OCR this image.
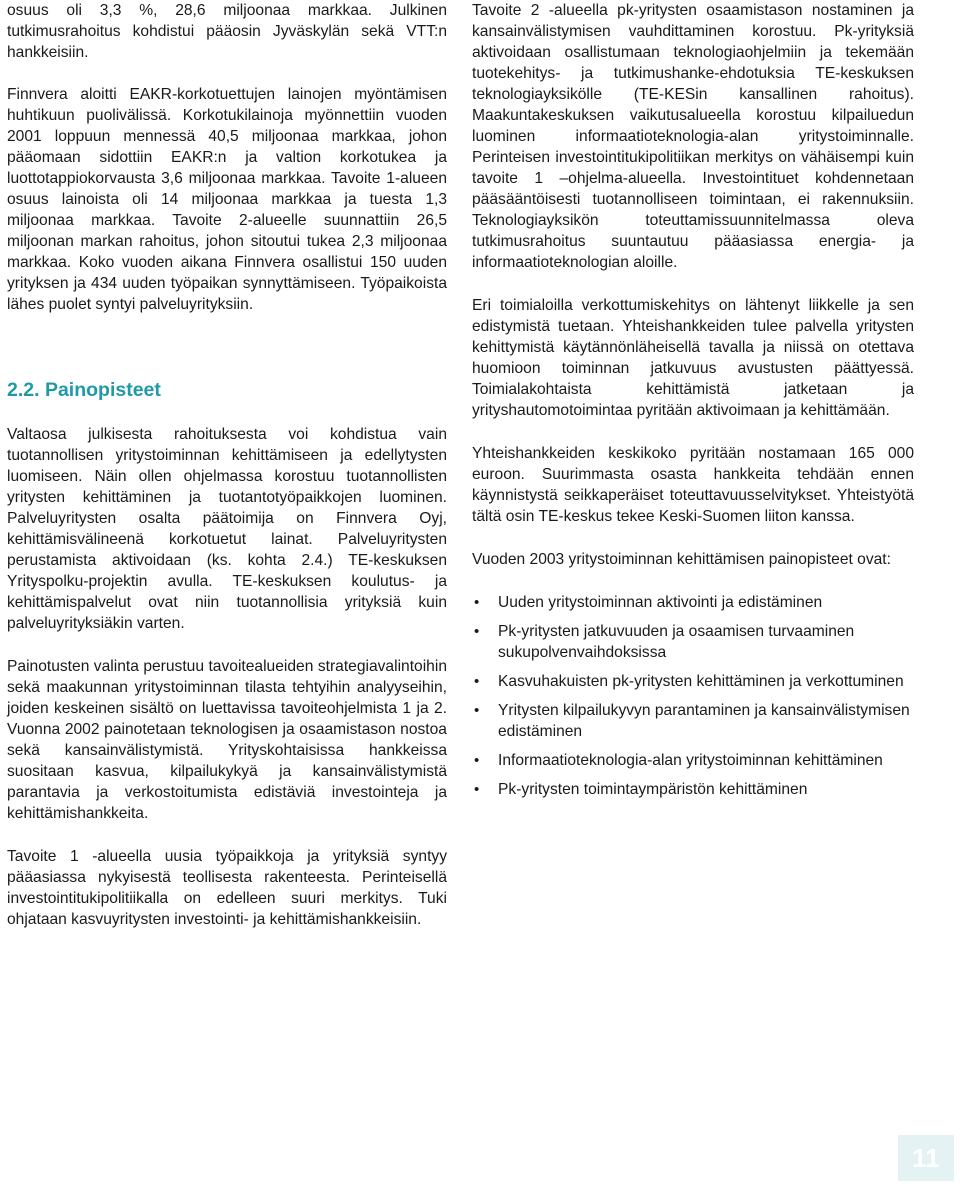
osuus oli 3,3 %, 28,6 miljoonaa markkaa. Julkinen tutkimusrahoitus kohdistui pääosin Jyväskylän sekä VTT:n hankkeisiin.

Finnvera aloitti EAKR-korkotuettujen lainojen myöntämisen huhtikuun puolivälissä. Korkotukilainoja myönnettiin vuoden 2001 loppuun mennessä 40,5 miljoonaa markkaa, johon pääomaan sidottiin EAKR:n ja valtion korkotukea ja luottotappiokorvausta 3,6 miljoonaa markkaa. Tavoite 1-alueen osuus lainoista oli 14 miljoonaa markkaa ja tuesta 1,3 miljoonaa markkaa. Tavoite 2-alueelle suunnattiin 26,5 miljoonan markan rahoitus, johon sitoutui tukea 2,3 miljoonaa markkaa. Koko vuoden aikana Finnvera osallistui 150 uuden yrityksen ja 434 uuden työpaikan synnyttämiseen. Työpaikoista lähes puolet syntyi palveluyrityksiin.

2.2. Painopisteet

Valtaosa julkisesta rahoituksesta voi kohdistua vain tuotannollisen yritystoiminnan kehittämiseen ja edellytysten luomiseen. Näin ollen ohjelmassa korostuu tuotannollisten yritysten kehittäminen ja tuotantotyöpaikkojen luominen. Palveluyritysten osalta päätoimija on Finnvera Oyj, kehittämisvälineenä korkotuetut lainat. Palveluyritysten perustamista aktivoidaan (ks. kohta 2.4.) TE-keskuksen Yrityspolku-projektin avulla. TE-keskuksen koulutus- ja kehittämispalvelut ovat niin tuotannollisia yrityksiä kuin palveluyrityksiäkin varten.

Painotusten valinta perustuu tavoitealueiden strategiavalintoihin sekä maakunnan yritystoiminnan tilasta tehtyihin analyyseihin, joiden keskeinen sisältö on luettavissa tavoiteohjelmista 1 ja 2. Vuonna 2002 painotetaan teknologisen ja osaamistason nostoa sekä kansainvälistymistä. Yrityskohtaisissa hankkeissa suositaan kasvua, kilpailukykyä ja kansainvälistymistä parantavia ja verkostoitumista edistäviä investointeja ja kehittämishankkeita.

Tavoite 1 -alueella uusia työpaikkoja ja yrityksiä syntyy pääasiassa nykyisestä teollisesta rakenteesta. Perinteisellä investointitukipolitiikalla on edelleen suuri merkitys. Tuki ohjataan kasvuyritysten investointi- ja kehittämishankkeisiin.

Tavoite 2 -alueella pk-yritysten osaamistason nostaminen ja kansainvälistymisen vauhdittaminen korostuu. Pk-yrityksiä aktivoidaan osallistumaan teknologiaohjelmiin ja tekemään tuotekehitys- ja tutkimushanke-ehdotuksia TE-keskuksen teknologiayksikölle (TE-KESin kansallinen rahoitus). Maakuntakeskuksen vaikutusalueella korostuu kilpailuedun luominen informaatioteknologia-alan yritystoiminnalle. Perinteisen investointitukipolitiikan merkitys on vähäisempi kuin tavoite 1 –ohjelma-alueella. Investointituet kohdennetaan pääsääntöisesti tuotannolliseen toimintaan, ei rakennuksiin. Teknologiayksikön toteuttamissuunnitelmassa oleva tutkimusrahoitus suuntautuu pääasiassa energia- ja informaatioteknologian aloille.

Eri toimialoilla verkottumiskehitys on lähtenyt liikkelle ja sen edistymistä tuetaan. Yhteishankkeiden tulee palvella yritysten kehittymistä käytännönläheisellä tavalla ja niissä on otettava huomioon toiminnan jatkuvuus avustusten päättyessä. Toimialakohtaista kehittämistä jatketaan ja yrityshautomotoimintaa pyritään aktivoimaan ja kehittämään.

Yhteishankkeiden keskikoko pyritään nostamaan 165 000 euroon. Suurimmasta osasta hankkeita tehdään ennen käynnistystä seikkaperäiset toteuttavuusselvitykset. Yhteistyötä tältä osin TE-keskus tekee Keski-Suomen liiton kanssa.

Vuoden 2003 yritystoiminnan kehittämisen painopisteet ovat:

• Uuden yritystoiminnan aktivointi ja edistäminen
• Pk-yritysten jatkuvuuden ja osaamisen turvaaminen sukupolvenvaihdoksissa
• Kasvuhakuisten pk-yritysten kehittäminen ja verkottuminen
• Yritysten kilpailukyvyn parantaminen ja kansainvälistymisen edistäminen
• Informaatioteknologia-alan yritystoiminnan kehittäminen
• Pk-yritysten toimintaympäristön kehittäminen
11
